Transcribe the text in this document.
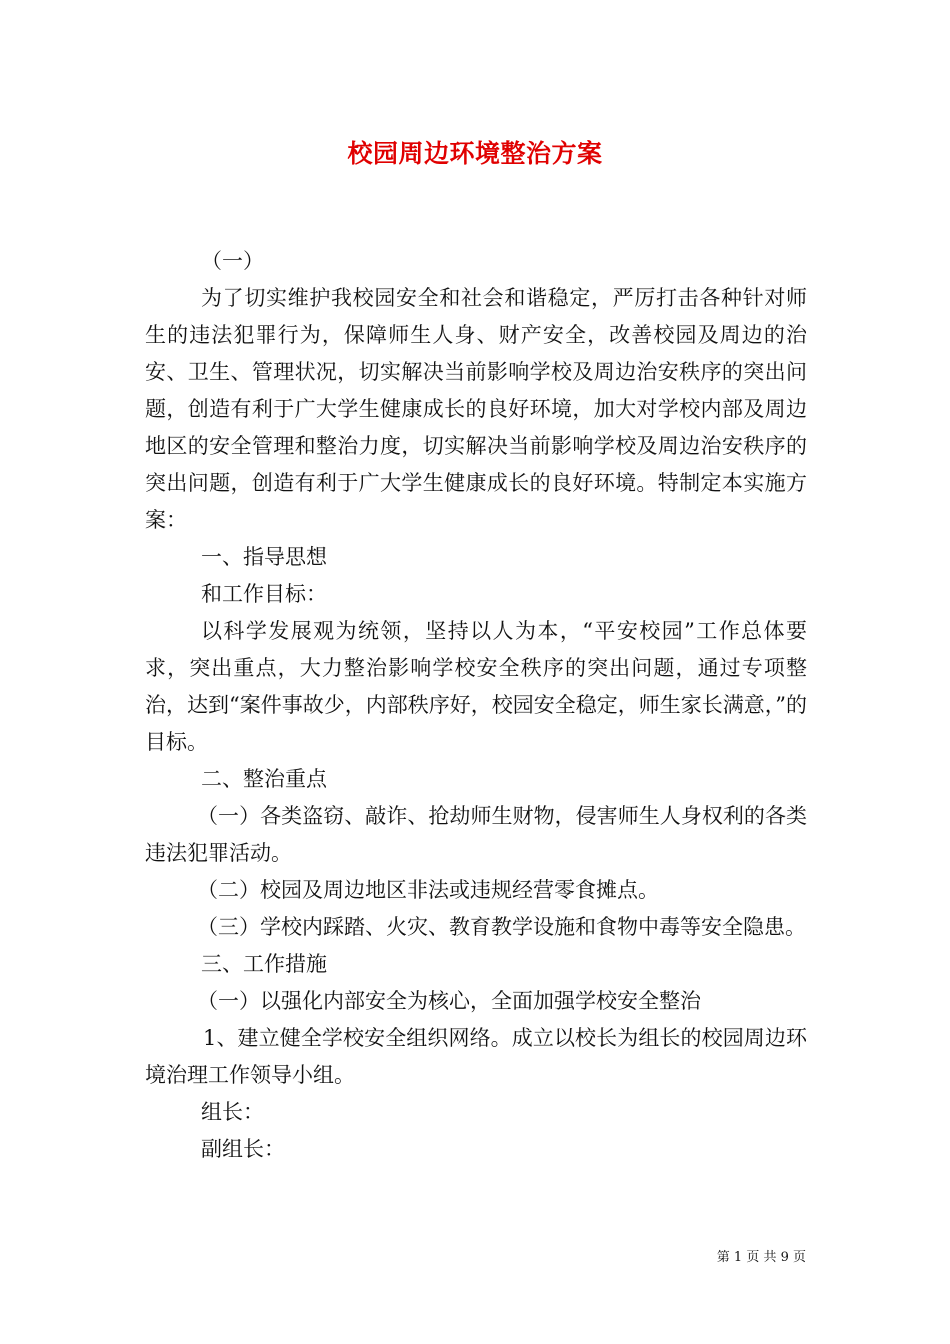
校园周边环境整治方案

（一）

为了切实维护我校园安全和社会和谐稳定，严厉打击各种针对师生的违法犯罪行为，保障师生人身、财产安全，改善校园及周边的治安、卫生、管理状况，切实解决当前影响学校及周边治安秩序的突出问题，创造有利于广大学生健康成长的良好环境，加大对学校内部及周边地区的安全管理和整治力度，切实解决当前影响学校及周边治安秩序的突出问题，创造有利于广大学生健康成长的良好环境。特制定本实施方案：

一、指导思想

和工作目标：

以科学发展观为统领，坚持以人为本，“平安校园”工作总体要求，突出重点，大力整治影响学校安全秩序的突出问题，通过专项整治，达到“案件事故少，内部秩序好，校园安全稳定，师生家长满意，”的目标。

二、整治重点

（一）各类盗窃、敲诈、抢劫师生财物，侵害师生人身权利的各类违法犯罪活动。

（二）校园及周边地区非法或违规经营零食摊点。

（三）学校内踩踏、火灾、教育教学设施和食物中毒等安全隐患。

三、工作措施

（一）以强化内部安全为核心，全面加强学校安全整治

1、建立健全学校安全组织网络。成立以校长为组长的校园周边环境治理工作领导小组。

组长：

副组长：

第 1 页 共 9 页
